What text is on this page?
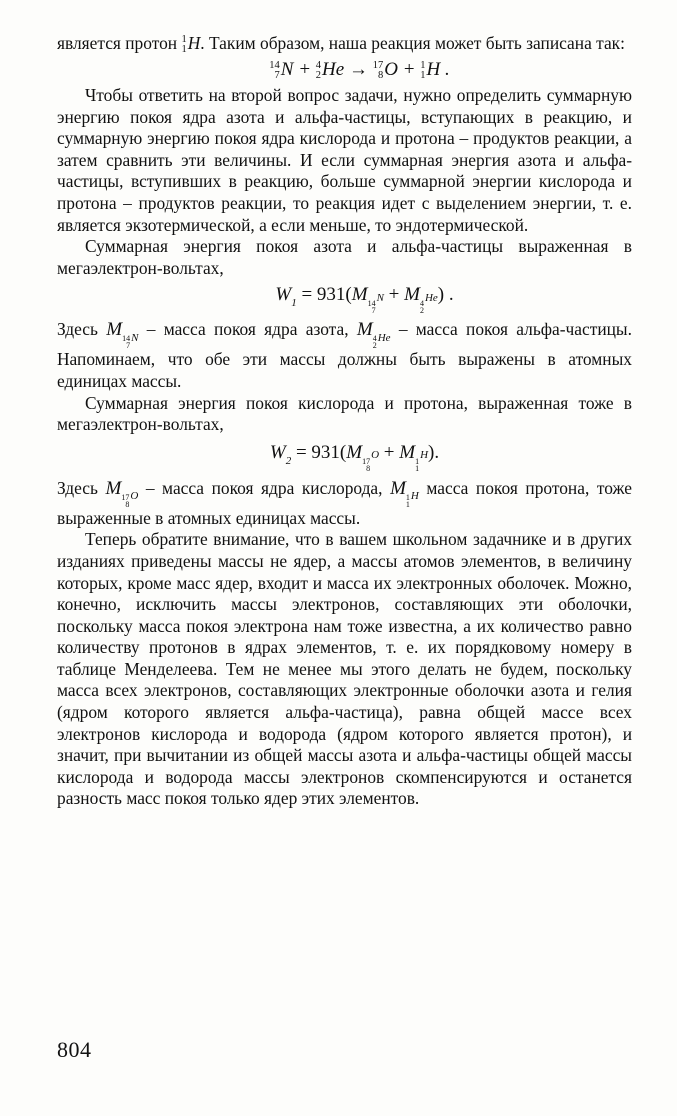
является протон 1
1 H. Таким образом, наша реакция может быть записана так:

14
7 N + 4
2 He → 17
8 O + 1
1 H .

Чтобы ответить на второй вопрос задачи, нужно определить суммарную энергию покоя ядра азота и альфа-частицы, вступающих в реакцию, и суммарную энергию покоя ядра кислорода и протона – продуктов реакции, а затем сравнить эти величины. И если суммарная энергия азота и альфа-частицы, вступивших в реакцию, больше суммарной энергии кислорода и протона – продуктов реакции, то реакция идет с выделением энергии, т. е. является экзотермической, а если меньше, то эндотермической.

Суммарная энергия покоя азота и альфа-частицы выраженная в мегаэлектрон-вольтах,

W1 = 931(M 14
7
N + M 4
2
He ) .

Здесь M 14
7
N – масса покоя ядра азота, M 4
2
He – масса покоя альфа-частицы. Напоминаем, что обе эти массы должны быть выражены в атомных единицах массы.

Суммарная энергия покоя кислорода и протона, выраженная тоже в мегаэлектрон-вольтах,

W2 = 931(M 17
8
O + M 1
1
H ).

Здесь M 17
8
O – масса покоя ядра кислорода, M 1
1
H масса покоя протона, тоже выраженные в атомных единицах массы.

Теперь обратите внимание, что в вашем школьном задачнике и в других изданиях приведены массы не ядер, а массы атомов элементов, в величину которых, кроме масс ядер, входит и масса их электронных оболочек. Можно, конечно, исключить массы электронов, составляющих эти оболочки, поскольку масса покоя электрона нам тоже известна, а их количество равно количеству протонов в ядрах элементов, т. е. их порядковому номеру в таблице Менделеева. Тем не менее мы этого делать не будем, поскольку масса всех электронов, составляющих электронные оболочки азота и гелия (ядром которого является альфа-частица), равна общей массе всех электронов кислорода и водорода (ядром которого является протон), и значит, при вычитании из общей массы азота и альфа-частицы общей массы кислорода и водорода массы электронов скомпенсируются и останется разность масс покоя только ядер этих элементов.

804
